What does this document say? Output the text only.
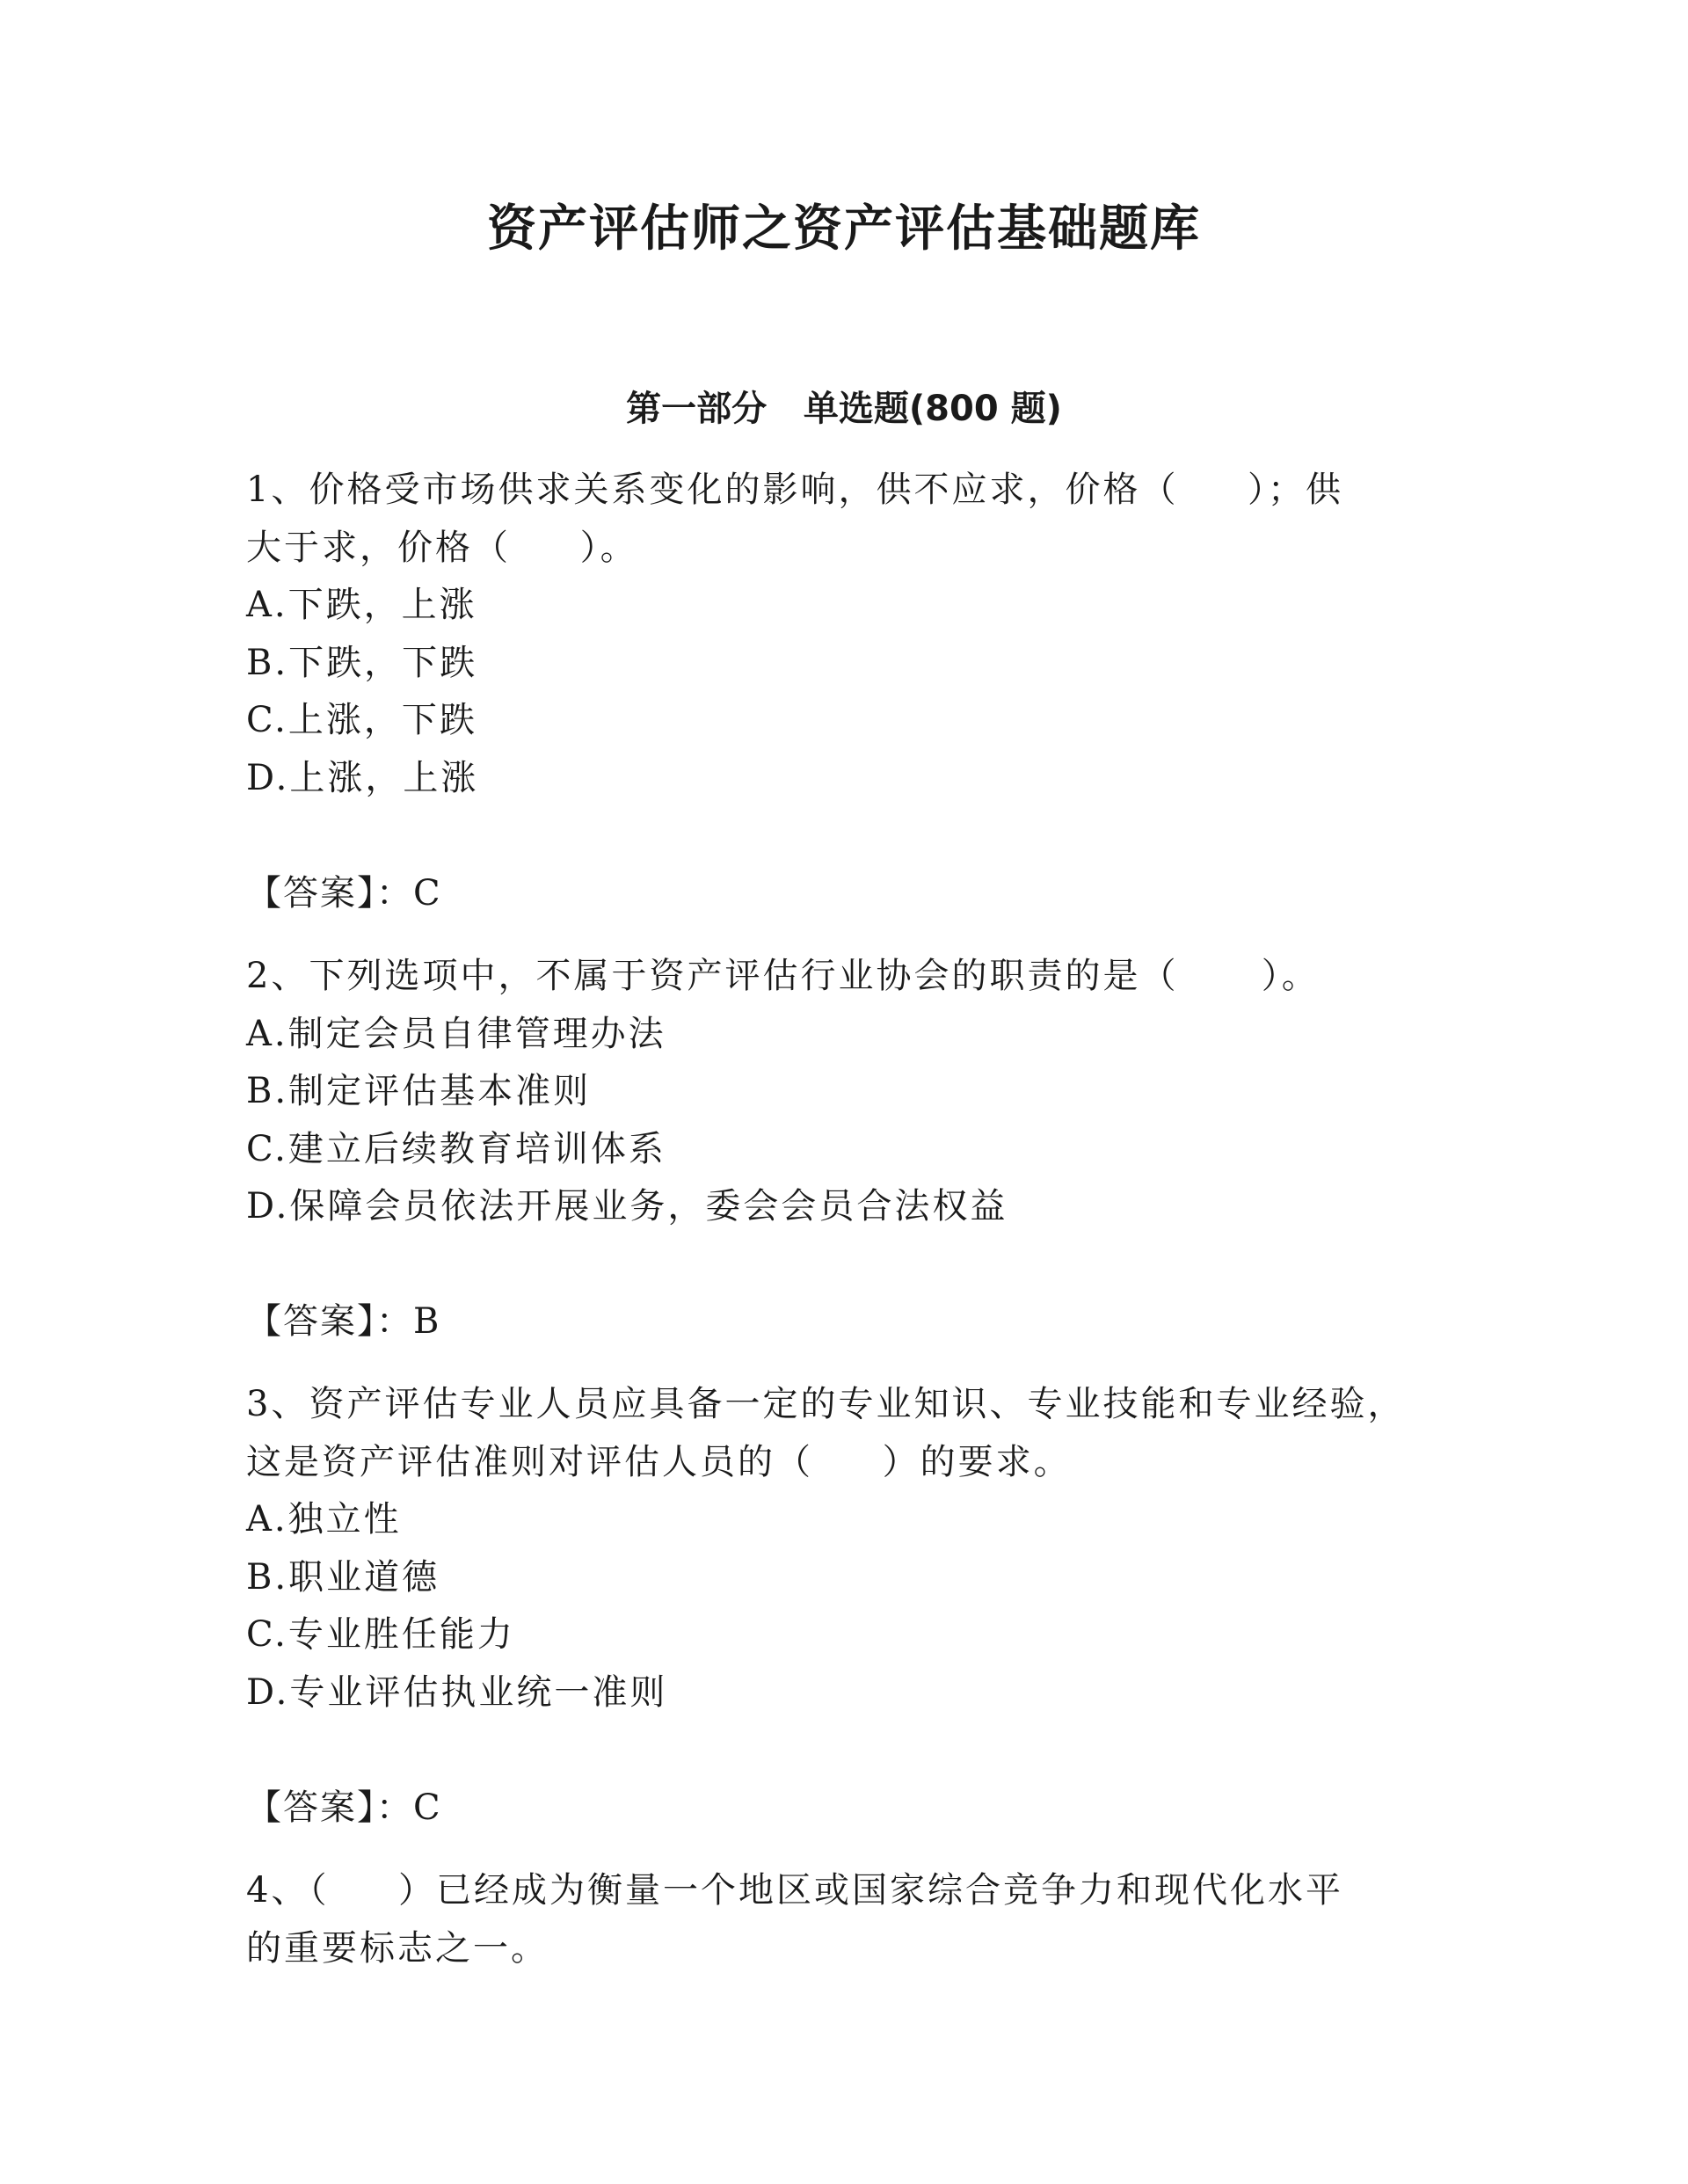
资产评估师之资产评估基础题库
第一部分   单选题(800 题)

1、价格受市场供求关系变化的影响，供不应求，价格（     ）；供

大于求，价格（     ）。

A.下跌，上涨

B.下跌，下跌

C.上涨，下跌

D.上涨，上涨

【答案】：C

2、下列选项中，不属于资产评估行业协会的职责的是（      ）。

A.制定会员自律管理办法

B.制定评估基本准则

C.建立后续教育培训体系

D.保障会员依法开展业务，委会会员合法权益

【答案】：B

3、资产评估专业人员应具备一定的专业知识、专业技能和专业经验，

这是资产评估准则对评估人员的（     ）的要求。

A.独立性

B.职业道德

C.专业胜任能力

D.专业评估执业统一准则

【答案】：C

4、（     ）已经成为衡量一个地区或国家综合竞争力和现代化水平

的重要标志之一。
